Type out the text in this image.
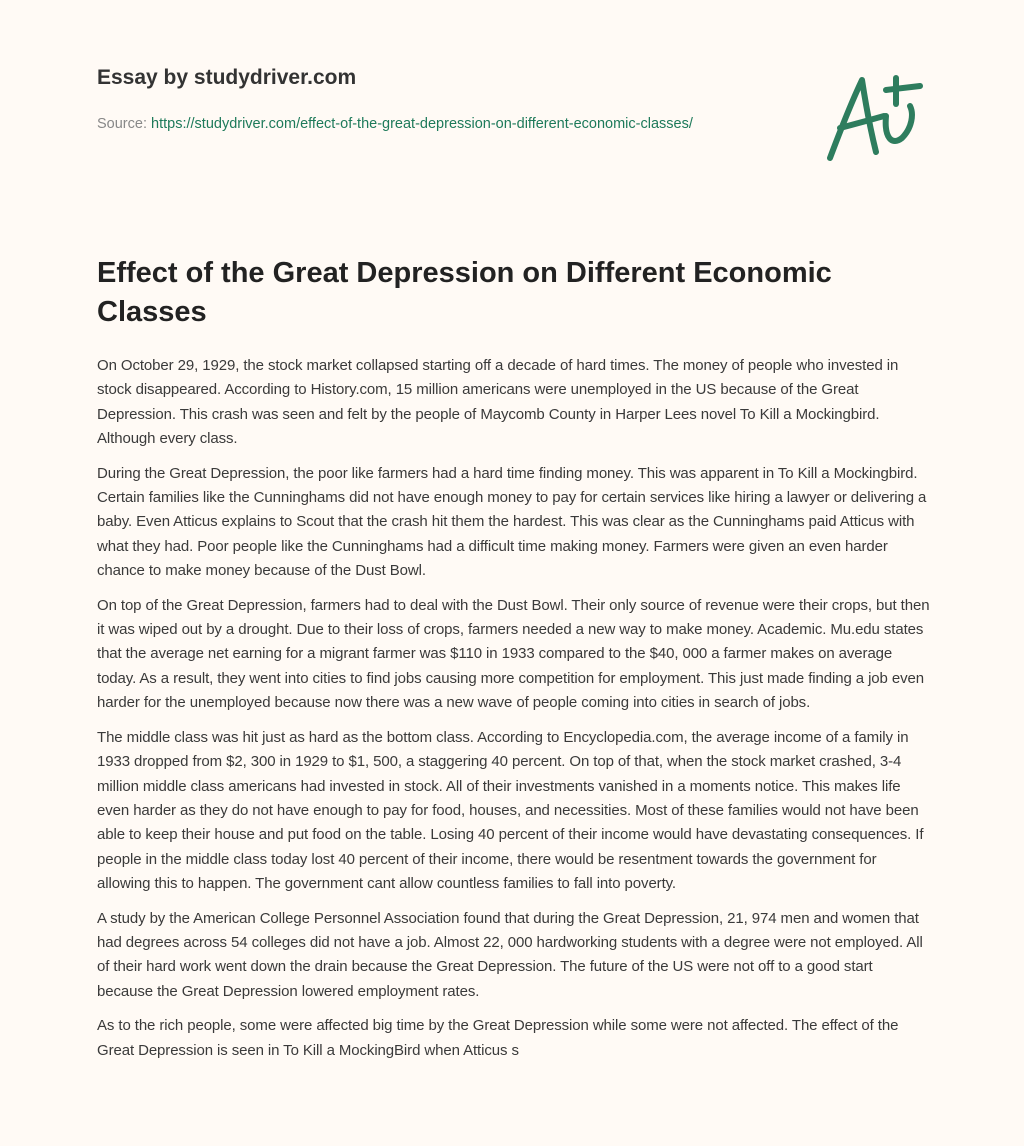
Essay by studydriver.com
Source: https://studydriver.com/effect-of-the-great-depression-on-different-economic-classes/
Effect of the Great Depression on Different Economic Classes

On October 29, 1929, the stock market collapsed starting off a decade of hard times. The money of people who invested in stock disappeared. According to History.com, 15 million americans were unemployed in the US because of the Great Depression. This crash was seen and felt by the people of Maycomb County in Harper Lees novel To Kill a Mockingbird. Although every class.

During the Great Depression, the poor like farmers had a hard time finding money. This was apparent in To Kill a Mockingbird. Certain families like the Cunninghams did not have enough money to pay for certain services like hiring a lawyer or delivering a baby. Even Atticus explains to Scout that the crash hit them the hardest. This was clear as the Cunninghams paid Atticus with what they had. Poor people like the Cunninghams had a difficult time making money. Farmers were given an even harder chance to make money because of the Dust Bowl.

On top of the Great Depression, farmers had to deal with the Dust Bowl. Their only source of revenue were their crops, but then it was wiped out by a drought. Due to their loss of crops, farmers needed a new way to make money. Academic. Mu.edu states that the average net earning for a migrant farmer was $110 in 1933 compared to the $40, 000 a farmer makes on average today. As a result, they went into cities to find jobs causing more competition for employment. This just made finding a job even harder for the unemployed because now there was a new wave of people coming into cities in search of jobs.

The middle class was hit just as hard as the bottom class. According to Encyclopedia.com, the average income of a family in 1933 dropped from $2, 300 in 1929 to $1, 500, a staggering 40 percent. On top of that, when the stock market crashed, 3-4 million middle class americans had invested in stock. All of their investments vanished in a moments notice. This makes life even harder as they do not have enough to pay for food, houses, and necessities. Most of these families would not have been able to keep their house and put food on the table. Losing 40 percent of their income would have devastating consequences. If people in the middle class today lost 40 percent of their income, there would be resentment towards the government for allowing this to happen. The government cant allow countless families to fall into poverty.

A study by the American College Personnel Association found that during the Great Depression, 21, 974 men and women that had degrees across 54 colleges did not have a job. Almost 22, 000 hardworking students with a degree were not employed. All of their hard work went down the drain because the Great Depression. The future of the US were not off to a good start because the Great Depression lowered employment rates.

As to the rich people, some were affected big time by the Great Depression while some were not affected. The effect of the Great Depression is seen in To Kill a MockingBird when Atticus s
